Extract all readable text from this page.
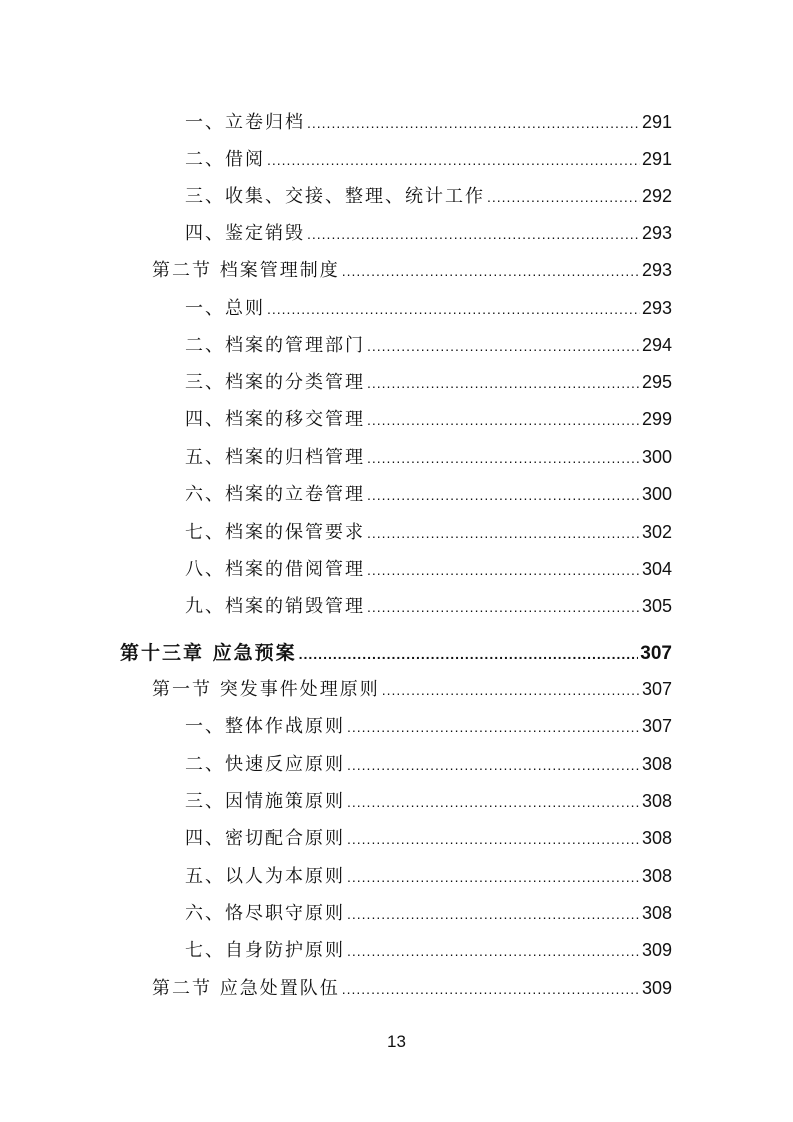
一、立卷归档 .....	291
二、借阅 .....	291
三、收集、交接、整理、统计工作 .....	292
四、鉴定销毁 .....	293
第二节 档案管理制度 .....	293
一、总则 .....	293
二、档案的管理部门 .....	294
三、档案的分类管理 .....	295
四、档案的移交管理 .....	299
五、档案的归档管理 .....	300
六、档案的立卷管理 .....	300
七、档案的保管要求 .....	302
八、档案的借阅管理 .....	304
九、档案的销毁管理 .....	305
第十三章 应急预案 .....	307
第一节 突发事件处理原则 .....	307
一、整体作战原则 .....	307
二、快速反应原则 .....	308
三、因情施策原则 .....	308
四、密切配合原则 .....	308
五、以人为本原则 .....	308
六、恪尽职守原则 .....	308
七、自身防护原则 .....	309
第二节 应急处置队伍 .....	309
13
